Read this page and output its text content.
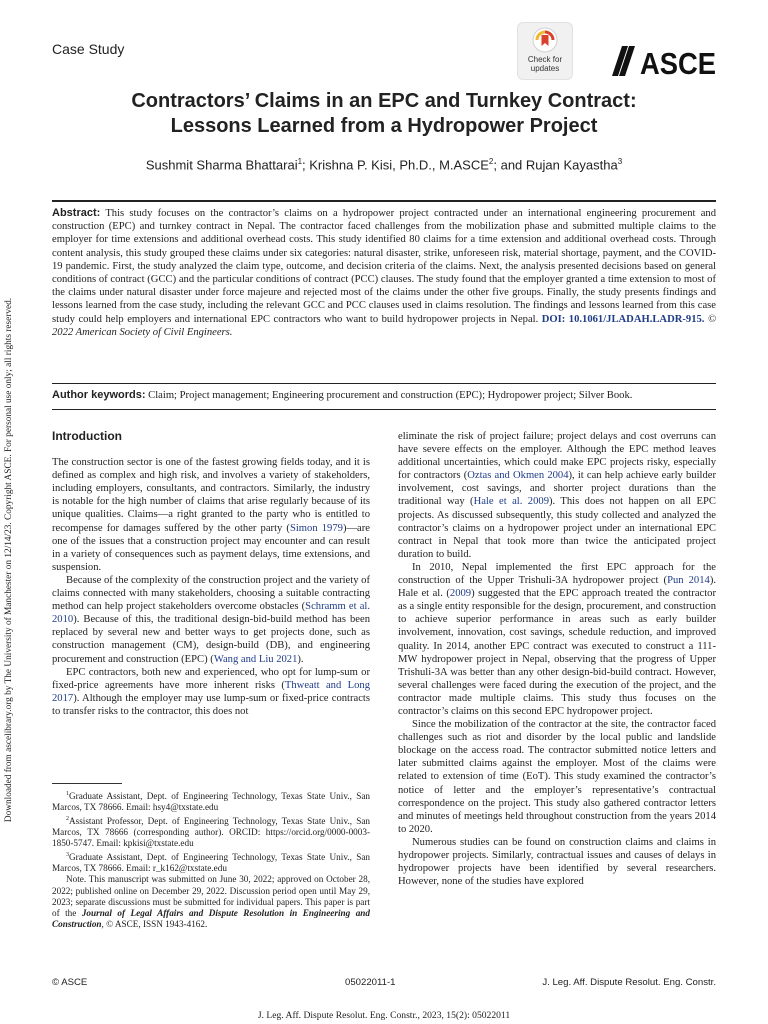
Downloaded from ascelibrary.org by The University of Manchester on 12/14/23. Copyright ASCE. For personal use only; all rights reserved.
Case Study
Check for updates	ASCE
Contractors’ Claims in an EPC and Turnkey Contract:
Lessons Learned from a Hydropower Project
Sushmit Sharma Bhattarai$^1$; Krishna P. Kisi, Ph.D., M.ASCE$^2$; and Rujan Kayastha$^3$
Abstract: This study focuses on the contractor’s claims on a hydropower project contracted under an international engineering procurement and construction (EPC) and turnkey contract in Nepal. The contractor faced challenges from the mobilization phase and submitted multiple claims to the employer for time extensions and additional overhead costs. This study identified 80 claims for a time extension and additional overhead costs. Through content analysis, this study grouped these claims under six categories: natural disaster, strike, unforeseen risk, material shortage, payment, and the COVID-19 pandemic. First, the study analyzed the claim type, outcome, and decision criteria of the claims. Next, the analysis presented decisions based on general conditions of contract (GCC) and the particular conditions of contract (PCC) clauses. The study found that the employer granted a time extension to most of the claims under natural disaster under force majeure and rejected most of the claims under the other five groups. Finally, the study presents findings and lessons learned from the case study, including the relevant GCC and PCC clauses used in claims resolution. The findings and lessons learned from this case study could help employers and international EPC contractors who want to build hydropower projects in Nepal. DOI: 10.1061/JLADAH.LADR-915. © 2022 American Society of Civil Engineers.
Author keywords: Claim; Project management; Engineering procurement and construction (EPC); Hydropower project; Silver Book.
Introduction

The construction sector is one of the fastest growing fields today, and it is defined as complex and high risk, and involves a variety of stakeholders, including employers, consultants, and contractors. Similarly, the industry is notable for the high number of claims that arise regularly because of its unique qualities. Claims—a right granted to the party who is entitled to recompense for damages suffered by the other party (Simon 1979)—are one of the issues that a construction project may encounter and can result in a variety of consequences such as payment delays, time extensions, and suspension.

Because of the complexity of the construction project and the variety of claims connected with many stakeholders, choosing a suitable contracting method can help project stakeholders overcome obstacles (Schramm et al. 2010). Because of this, the traditional design-bid-build method has been replaced by several new and better ways to get projects done, such as construction management (CM), design-build (DB), and engineering procurement and construction (EPC) (Wang and Liu 2021).

EPC contractors, both new and experienced, who opt for lump-sum or fixed-price agreements have more inherent risks (Thweatt and Long 2017). Although the employer may use lump-sum or fixed-price contracts to transfer risks to the contractor, this does not

$^1$Graduate Assistant, Dept. of Engineering Technology, Texas State Univ., San Marcos, TX 78666. Email: hsy4@txstate.edu

$^2$Assistant Professor, Dept. of Engineering Technology, Texas State Univ., San Marcos, TX 78666 (corresponding author). ORCID: https://orcid.org/0000-0003-1850-5747. Email: kpkisi@txstate.edu

$^3$Graduate Assistant, Dept. of Engineering Technology, Texas State Univ., San Marcos, TX 78666. Email: r_k162@txstate.edu

Note. This manuscript was submitted on June 30, 2022; approved on October 28, 2022; published online on December 29, 2022. Discussion period open until May 29, 2023; separate discussions must be submitted for individual papers. This paper is part of the Journal of Legal Affairs and Dispute Resolution in Engineering and Construction, © ASCE, ISSN 1943-4162.

eliminate the risk of project failure; project delays and cost overruns can have severe effects on the employer. Although the EPC method leaves additional uncertainties, which could make EPC projects risky, especially for contractors (Oztas and Okmen 2004), it can help achieve early builder involvement, cost savings, and shorter project durations than the traditional way (Hale et al. 2009). This does not happen on all EPC projects. As discussed subsequently, this study collected and analyzed the contractor’s claims on a hydropower project under an international EPC contract in Nepal that took more than twice the anticipated project duration to build.

In 2010, Nepal implemented the first EPC approach for the construction of the Upper Trishuli-3A hydropower project (Pun 2014). Hale et al. (2009) suggested that the EPC approach treated the contractor as a single entity responsible for the design, procurement, and construction to achieve superior performance in areas such as early builder involvement, innovation, cost savings, schedule reduction, and improved quality. In 2014, another EPC contract was executed to construct a 111-MW hydropower project in Nepal, observing that the progress of Upper Trishuli-3A was better than any other design-bid-build contract. However, several challenges were faced during the execution of the project, and the contractor made multiple claims. This study thus focuses on the contractor’s claims on this second EPC hydropower project.

Since the mobilization of the contractor at the site, the contractor faced challenges such as riot and disorder by the local public and landslide blockage on the access road. The contractor submitted notice letters and later submitted claims against the employer. Most of the claims were related to extension of time (EoT). This study examined the contractor’s notice of letter and the employer’s representative’s contractual correspondence on the project. This study also gathered contractor letters and minutes of meetings held throughout construction from the years 2014 to 2020.

Numerous studies can be found on construction claims and claims in hydropower projects. Similarly, contractual issues and causes of delays in hydropower projects have been identified by several researchers. However, none of the studies have explored

© ASCE	05022011-1	J. Leg. Aff. Dispute Resolut. Eng. Constr.
J. Leg. Aff. Dispute Resolut. Eng. Constr., 2023, 15(2): 05022011
